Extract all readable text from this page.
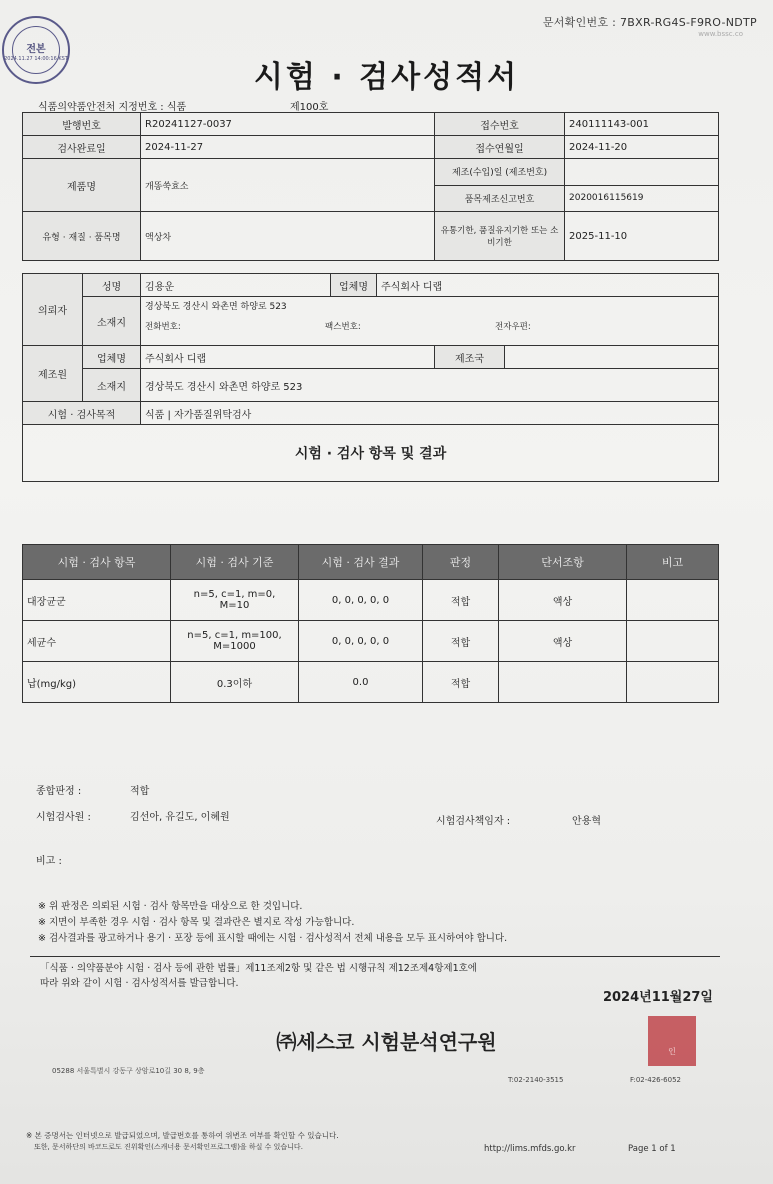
문서확인번호 : 7BXR-RG4S-F9RO-NDTP
www.bssc.co
전본
2024.11.27 14:00:16 KST
시험 · 검사성적서
식품의약품안전처 지정번호 : 식품	제100호
발행번호		R20241127-0037			접수번호		240111143-001
검사완료일		2024-11-27			접수연월일		2024-11-20
제품명		개똥쑥효소			제조(수입)일 (제조번호)		
					품목제조신고번호		2020016115619
유형 · 재질 · 품목명		액상차			유통기한, 품질유지기한 또는 소비기한		2025-11-10

의뢰자	성명	김용운	업체명	주식회사 디랩			
	소재지	경상북도 경산시 와촌면 하양로 523
전화번호: 팩스번호: 전자우편:					

제조원	업체명	주식회사 디랩			제조국		
	소재지	경상북도 경산시 와촌면 하양로 523					
시험 · 검사목적		식품 | 자가품질위탁검사					
시험 · 검사 항목 및 결과							
시험 · 검사 항목	시험 · 검사 기준	시험 · 검사 결과	판정	단서조항	비고
대장균군	n=5, c=1, m=0,
M=10	0, 0, 0, 0, 0	적합	액상	
세균수	n=5, c=1, m=100,
M=1000	0, 0, 0, 0, 0	적합	액상	
납(mg/kg)	0.3이하	0.0	적합		
종합판정 :	적합
시험검사원 :	김선아, 유길도, 이혜원	시험검사책임자 :	안용혁
비고 :
※ 위 판정은 의뢰된 시험 · 검사 항목만을 대상으로 한 것입니다.
※ 지면이 부족한 경우 시험 · 검사 항목 및 결과란은 별지로 작성 가능합니다.
※ 검사결과를 광고하거나 용기 · 포장 등에 표시할 때에는 시험 · 검사성적서 전체 내용을 모두 표시하여야 합니다.
「식품 · 의약품분야 시험 · 검사 등에 관한 법률」제11조제2항 및 같은 법 시행규칙 제12조제4항제1호에
따라 위와 같이 시험 · 검사성적서를 발급합니다.
2024년11월27일
㈜세스코 시험분석연구원	인
05288 서울특별시 강동구 상암로10길 30 8, 9층
T:02-2140-3515	F:02-426-6052
※ 본 증명서는 인터넷으로 발급되었으며, 발급번호를 통하여 위변조 여부를 확인할 수 있습니다.
또한, 문서하단의 바코드로도 진위확인(스캐너용 문서확인프로그램)을 하실 수 있습니다.	http://lims.mfds.go.kr	Page 1 of 1
